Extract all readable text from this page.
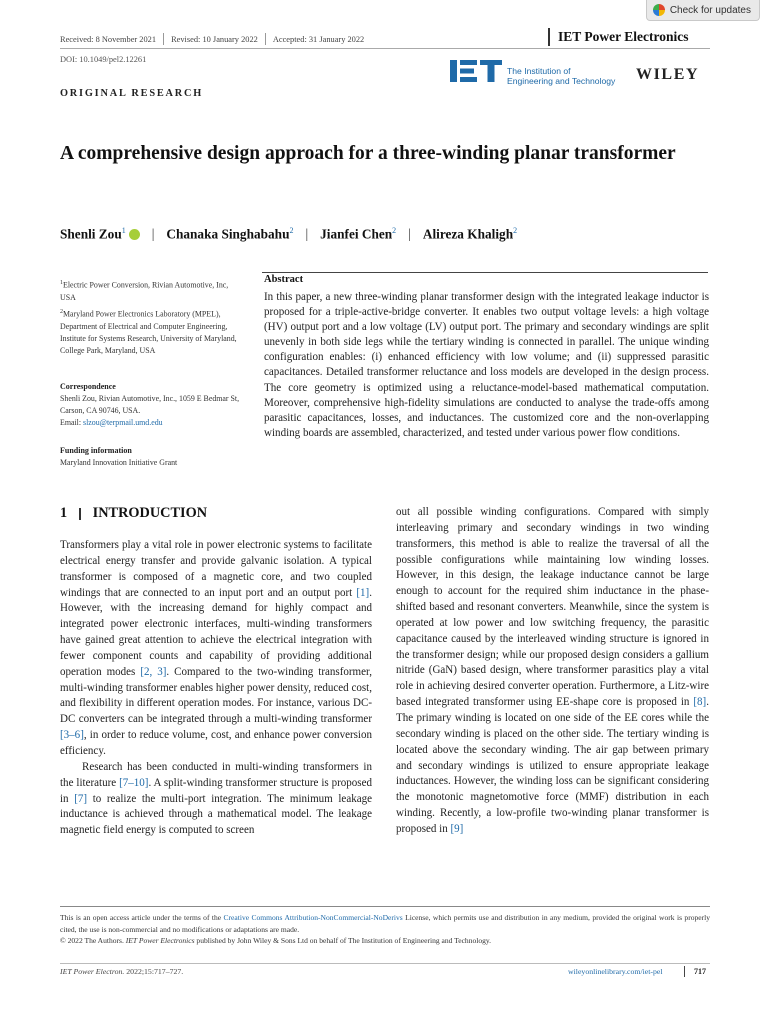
Check for updates
Received: 8 November 2021 Revised: 10 January 2022 Accepted: 31 January 2022	IET Power Electronics
DOI: 10.1049/pel2.12261
The Institution of
Engineering and Technology WILEY
ORIGINAL RESEARCH
A comprehensive design approach for a three-winding planar transformer
Shenli Zou$^1$ | Chanaka Singhabahu$^2$ | Jianfei Chen$^2$ | Alireza Khaligh$^2$
$^1$Electric Power Conversion, Rivian Automotive, Inc, USA
$^2$Maryland Power Electronics Laboratory (MPEL), Department of Electrical and Computer Engineering, Institute for Systems Research, University of Maryland, College Park, Maryland, USA
Correspondence
Shenli Zou, Rivian Automotive, Inc., 1059 E Bedmar St, Carson, CA 90746, USA.
Email: slzou@terpmail.umd.edu
Funding information
Maryland Innovation Initiative Grant
Abstract
In this paper, a new three-winding planar transformer design with the integrated leakage inductor is proposed for a triple-active-bridge converter. It enables two output voltage levels: a high voltage (HV) output port and a low voltage (LV) output port. The primary and secondary windings are split unevenly in both side legs while the tertiary winding is connected in parallel. The unique winding configuration enables: (i) enhanced efficiency with low volume; and (ii) suppressed parasitic capacitances. Detailed transformer reluctance and loss models are developed in the design process. The core geometry is optimized using a reluctance-model-based mathematical computation. Moreover, comprehensive high-fidelity simulations are conducted to analyse the trade-offs among parasitic capacitances, losses, and inductances. The customized core and the non-overlapping winding boards are assembled, characterized, and tested under various power flow conditions.
1 INTRODUCTION

Transformers play a vital role in power electronic systems to facilitate electrical energy transfer and provide galvanic isolation. A typical transformer is composed of a magnetic core, and two coupled windings that are connected to an input port and an output port [1]. However, with the increasing demand for highly compact and integrated power electronic interfaces, multi-winding transformers have gained great attention to achieve the electrical integration with fewer component counts and capability of providing additional operation modes [2, 3]. Compared to the two-winding transformer, multi-winding transformer enables higher power density, reduced cost, and flexibility in different operation modes. For instance, various DC-DC converters can be integrated through a multi-winding transformer [3–6], in order to reduce volume, cost, and enhance power conversion efficiency.

Research has been conducted in multi-winding transformers in the literature [7–10]. A split-winding transformer structure is proposed in [7] to realize the multi-port integration. The minimum leakage inductance is achieved through a mathematical model. The leakage magnetic field energy is computed to screen

out all possible winding configurations. Compared with simply interleaving primary and secondary windings in two winding transformers, this method is able to realize the traversal of all the possible configurations while maintaining low winding losses. However, in this design, the leakage inductance cannot be large enough to account for the required shim inductance in the phase-shifted based and resonant converters. Meanwhile, since the system is operated at low power and low switching frequency, the parasitic capacitance caused by the interleaved winding structure is ignored in the transformer design; while our proposed design considers a gallium nitride (GaN) based design, where transformer parasitics play a vital role in achieving desired converter operation. Furthermore, a Litz-wire based integrated transformer using EE-shape core is proposed in [8]. The primary winding is located on one side of the EE cores while the secondary winding is placed on the other side. The tertiary winding is located above the secondary winding. The air gap between primary and secondary windings is utilized to ensure appropriate leakage inductances. However, the winding loss can be significant considering the monotonic magnetomotive force (MMF) distribution in each winding. Recently, a low-profile two-winding planar transformer is proposed in [9]

This is an open access article under the terms of the Creative Commons Attribution-NonCommercial-NoDerivs License, which permits use and distribution in any medium, provided the original work is properly cited, the use is non-commercial and no modifications or adaptations are made.
© 2022 The Authors. IET Power Electronics published by John Wiley & Sons Ltd on behalf of The Institution of Engineering and Technology.
IET Power Electron. 2022;15:717–727.	wileyonlinelibrary.com/iet-pel	717
